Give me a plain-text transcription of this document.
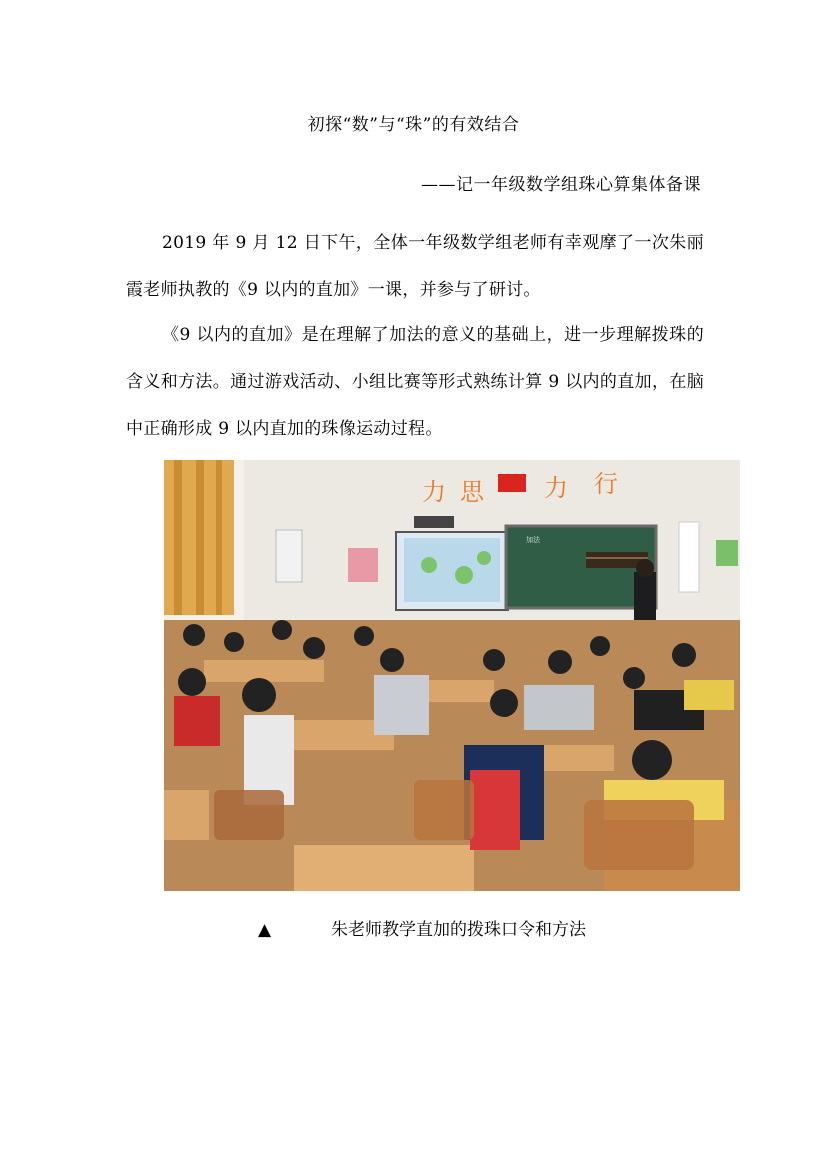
初探“数”与“珠”的有效结合
——记一年级数学组珠心算集体备课

2019 年 9 月 12 日下午，全体一年级数学组老师有幸观摩了一次朱丽霞老师执教的《9 以内的直加》一课，并参与了研讨。

《9 以内的直加》是在理解了加法的意义的基础上，进一步理解拨珠的含义和方法。通过游戏活动、小组比赛等形式熟练计算 9 以内的直加，在脑中正确形成 9 以内直加的珠像运动过程。

力 思	力 行
加法
▲	朱老师教学直加的拨珠口令和方法
